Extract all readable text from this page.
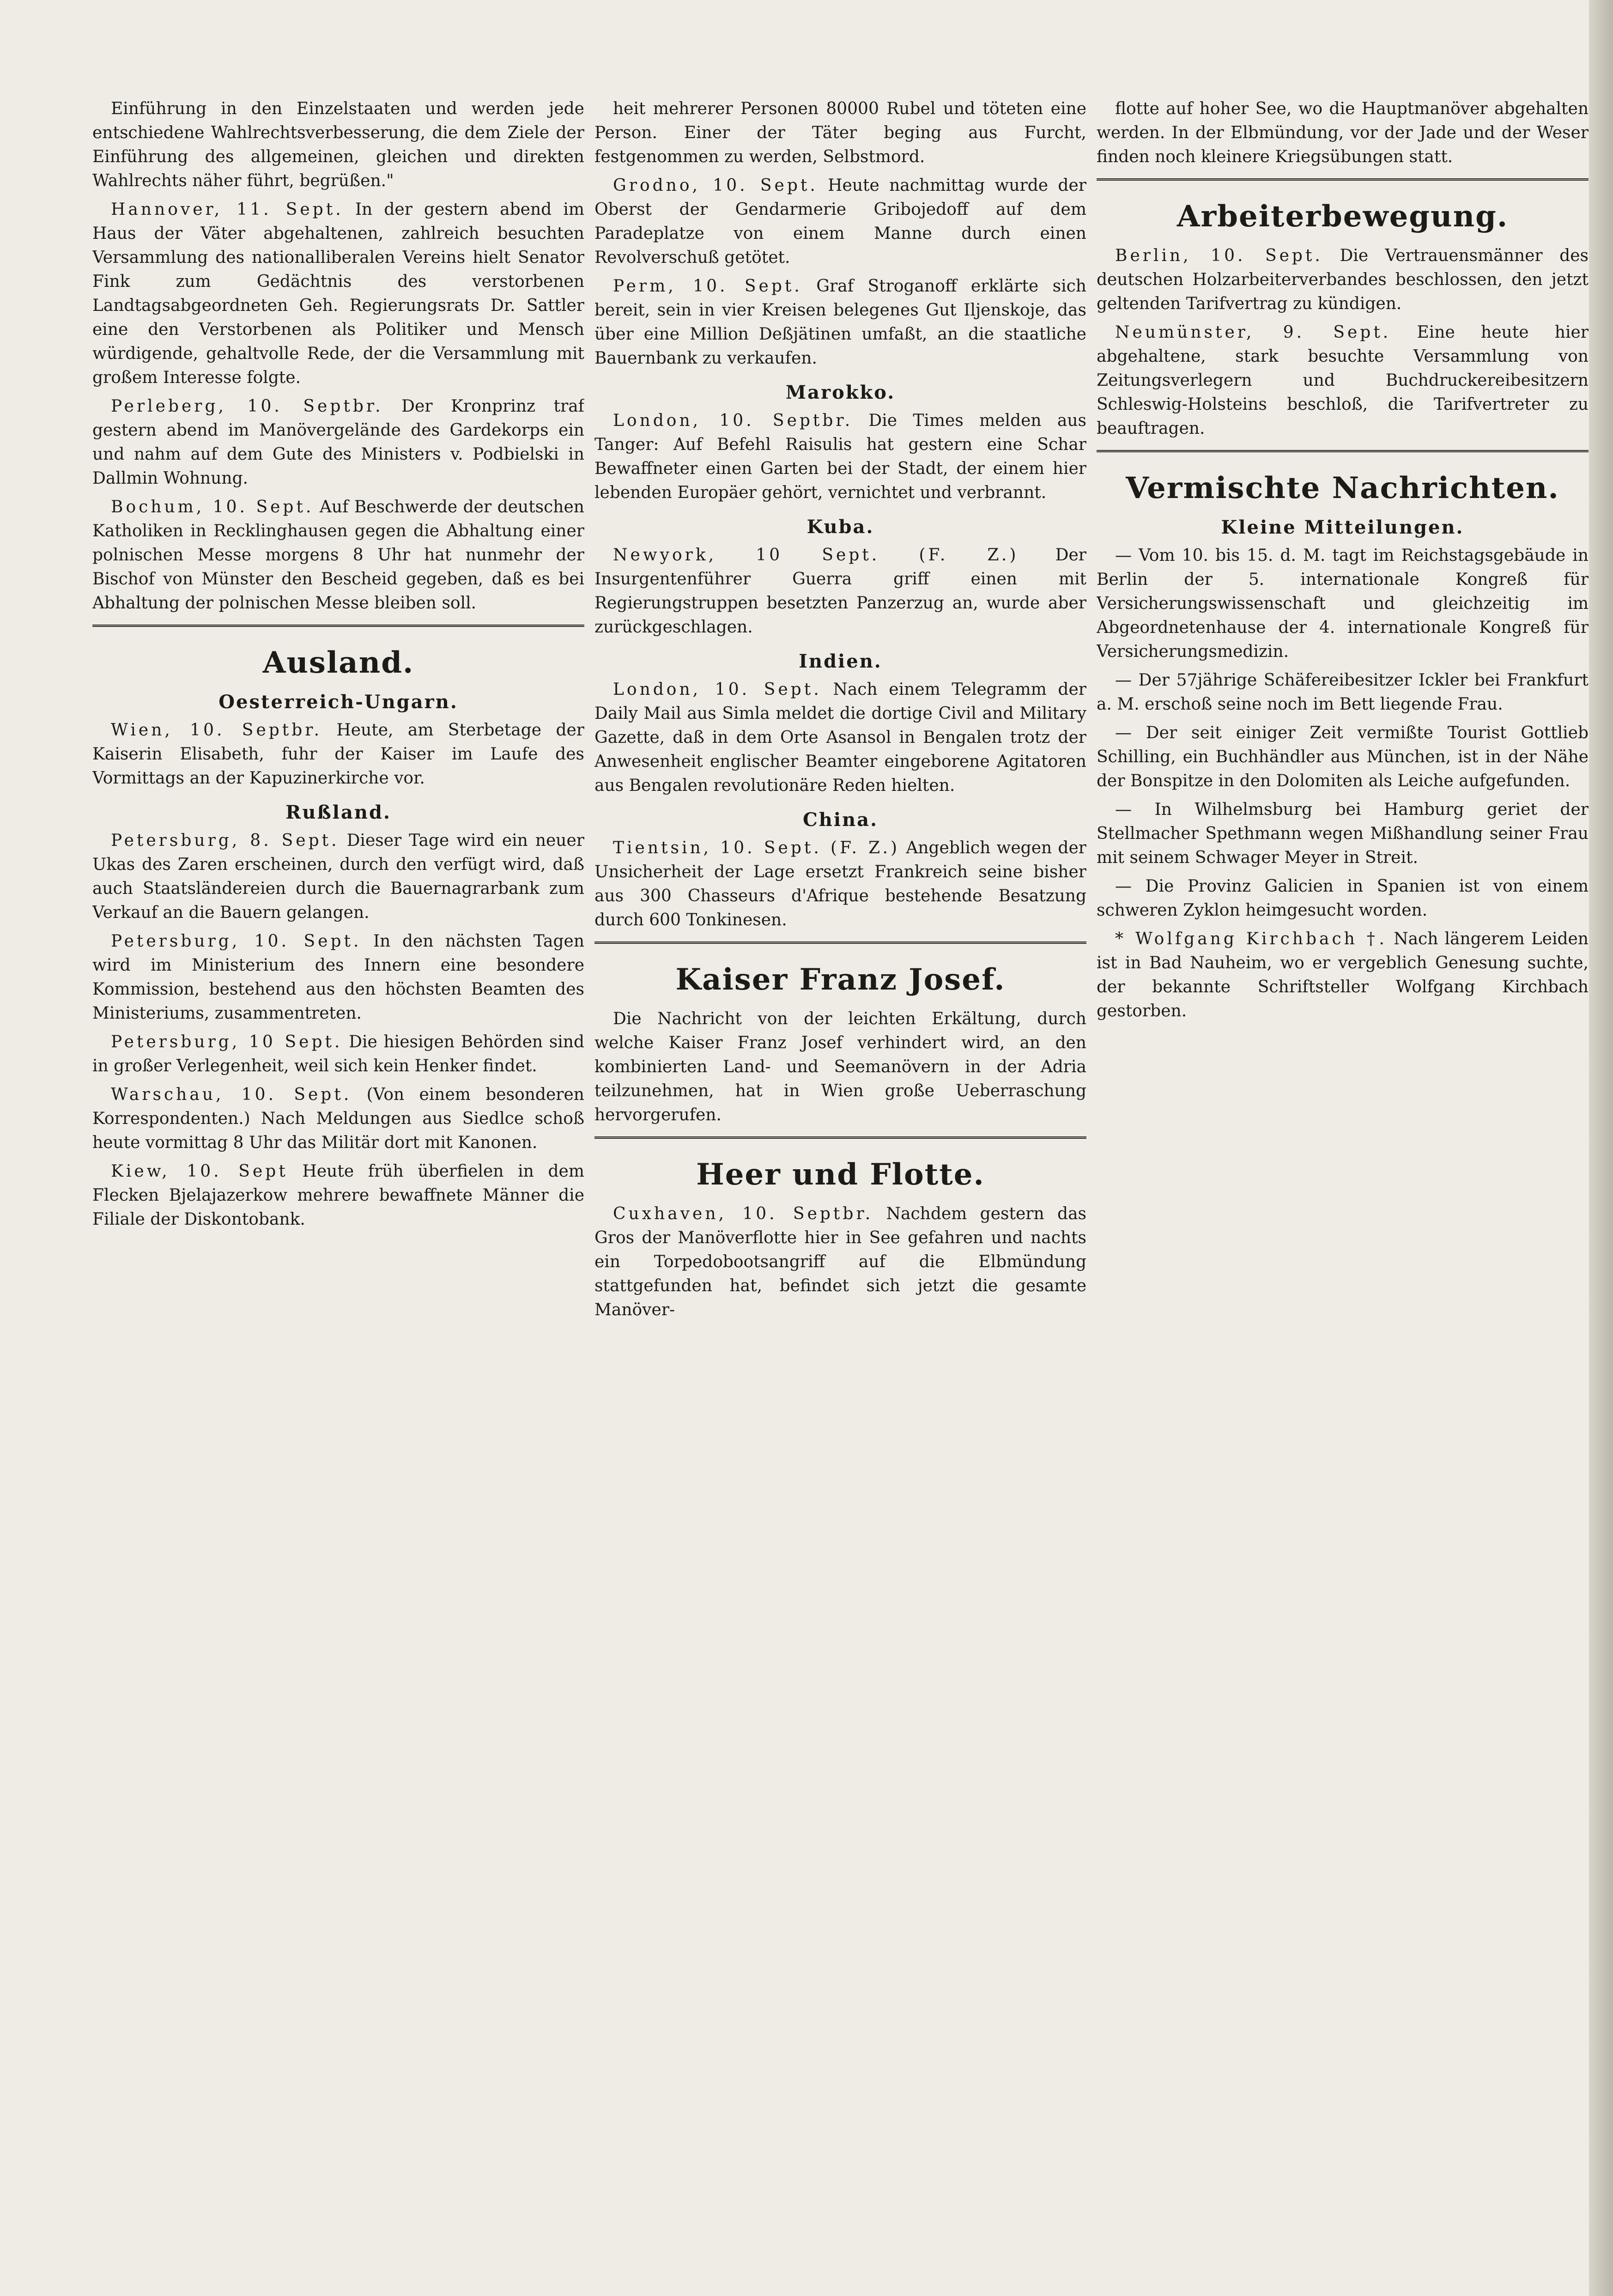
Einführung in den Einzelstaaten und werden jede entschiedene Wahlrechtsverbesserung, die dem Ziele der Einführung des allgemeinen, gleichen und direkten Wahlrechts näher führt, begrüßen."

Hannover, 11. Sept. In der gestern abend im Haus der Väter abgehaltenen, zahlreich besuchten Versammlung des nationalliberalen Vereins hielt Senator Fink zum Gedächtnis des verstorbenen Landtagsabgeordneten Geh. Regierungsrats Dr. Sattler eine den Verstorbenen als Politiker und Mensch würdigende, gehaltvolle Rede, der die Versammlung mit großem Interesse folgte.

Perleberg, 10. Septbr. Der Kronprinz traf gestern abend im Manövergelände des Gardekorps ein und nahm auf dem Gute des Ministers v. Podbielski in Dallmin Wohnung.

Bochum, 10. Sept. Auf Beschwerde der deutschen Katholiken in Recklinghausen gegen die Abhaltung einer polnischen Messe morgens 8 Uhr hat nunmehr der Bischof von Münster den Bescheid gegeben, daß es bei Abhaltung der polnischen Messe bleiben soll.

Ausland.
Oesterreich-Ungarn.

Wien, 10. Septbr. Heute, am Sterbetage der Kaiserin Elisabeth, fuhr der Kaiser im Laufe des Vormittags an der Kapuzinerkirche vor.

Rußland.

Petersburg, 8. Sept. Dieser Tage wird ein neuer Ukas des Zaren erscheinen, durch den verfügt wird, daß auch Staatsländereien durch die Bauernagrarbank zum Verkauf an die Bauern gelangen.

Petersburg, 10. Sept. In den nächsten Tagen wird im Ministerium des Innern eine besondere Kommission, bestehend aus den höchsten Beamten des Ministeriums, zusammentreten.

Petersburg, 10 Sept. Die hiesigen Behörden sind in großer Verlegenheit, weil sich kein Henker findet.

Warschau, 10. Sept. (Von einem besonderen Korrespondenten.) Nach Meldungen aus Siedlce schoß heute vormittag 8 Uhr das Militär dort mit Kanonen.

Kiew, 10. Sept Heute früh überfielen in dem Flecken Bjelajazerkow mehrere bewaffnete Männer die Filiale der Diskontobank.

heit mehrerer Personen 80000 Rubel und töteten eine Person. Einer der Täter beging aus Furcht, festgenommen zu werden, Selbstmord.

Grodno, 10. Sept. Heute nachmittag wurde der Oberst der Gendarmerie Gribojedoff auf dem Paradeplatze von einem Manne durch einen Revolverschuß getötet.

Perm, 10. Sept. Graf Stroganoff erklärte sich bereit, sein in vier Kreisen belegenes Gut Iljenskoje, das über eine Million Deßjätinen umfaßt, an die staatliche Bauernbank zu verkaufen.

Marokko.

London, 10. Septbr. Die Times melden aus Tanger: Auf Befehl Raisulis hat gestern eine Schar Bewaffneter einen Garten bei der Stadt, der einem hier lebenden Europäer gehört, vernichtet und verbrannt.

Kuba.

Newyork, 10 Sept. (F. Z.) Der Insurgentenführer Guerra griff einen mit Regierungstruppen besetzten Panzerzug an, wurde aber zurückgeschlagen.

Indien.

London, 10. Sept. Nach einem Telegramm der Daily Mail aus Simla meldet die dortige Civil and Military Gazette, daß in dem Orte Asansol in Bengalen trotz der Anwesenheit englischer Beamter eingeborene Agitatoren aus Bengalen revolutionäre Reden hielten.

China.

Tientsin, 10. Sept. (F. Z.) Angeblich wegen der Unsicherheit der Lage ersetzt Frankreich seine bisher aus 300 Chasseurs d'Afrique bestehende Besatzung durch 600 Tonkinesen.

Kaiser Franz Josef.

Die Nachricht von der leichten Erkältung, durch welche Kaiser Franz Josef verhindert wird, an den kombinierten Land- und Seemanövern in der Adria teilzunehmen, hat in Wien große Ueberraschung hervorgerufen.

Heer und Flotte.

Cuxhaven, 10. Septbr. Nachdem gestern das Gros der Manöverflotte hier in See gefahren und nachts ein Torpedobootsangriff auf die Elbmündung stattgefunden hat, befindet sich jetzt die gesamte Manöver-

flotte auf hoher See, wo die Hauptmanöver abgehalten werden. In der Elbmündung, vor der Jade und der Weser finden noch kleinere Kriegsübungen statt.

Arbeiterbewegung.

Berlin, 10. Sept. Die Vertrauensmänner des deutschen Holzarbeiterverbandes beschlossen, den jetzt geltenden Tarifvertrag zu kündigen.

Neumünster, 9. Sept. Eine heute hier abgehaltene, stark besuchte Versammlung von Zeitungsverlegern und Buchdruckereibesitzern Schleswig-Holsteins beschloß, die Tarifvertreter zu beauftragen.

Vermischte Nachrichten.
Kleine Mitteilungen.

— Vom 10. bis 15. d. M. tagt im Reichstagsgebäude in Berlin der 5. internationale Kongreß für Versicherungswissenschaft und gleichzeitig im Abgeordnetenhause der 4. internationale Kongreß für Versicherungsmedizin.

— Der 57jährige Schäfereibesitzer Ickler bei Frankfurt a. M. erschoß seine noch im Bett liegende Frau.

— Der seit einiger Zeit vermißte Tourist Gottlieb Schilling, ein Buchhändler aus München, ist in der Nähe der Bonspitze in den Dolomiten als Leiche aufgefunden.

— In Wilhelmsburg bei Hamburg geriet der Stellmacher Spethmann wegen Mißhandlung seiner Frau mit seinem Schwager Meyer in Streit.

— Die Provinz Galicien in Spanien ist von einem schweren Zyklon heimgesucht worden.

* Wolfgang Kirchbach †. Nach längerem Leiden ist in Bad Nauheim, wo er vergeblich Genesung suchte, der bekannte Schriftsteller Wolfgang Kirchbach gestorben.
